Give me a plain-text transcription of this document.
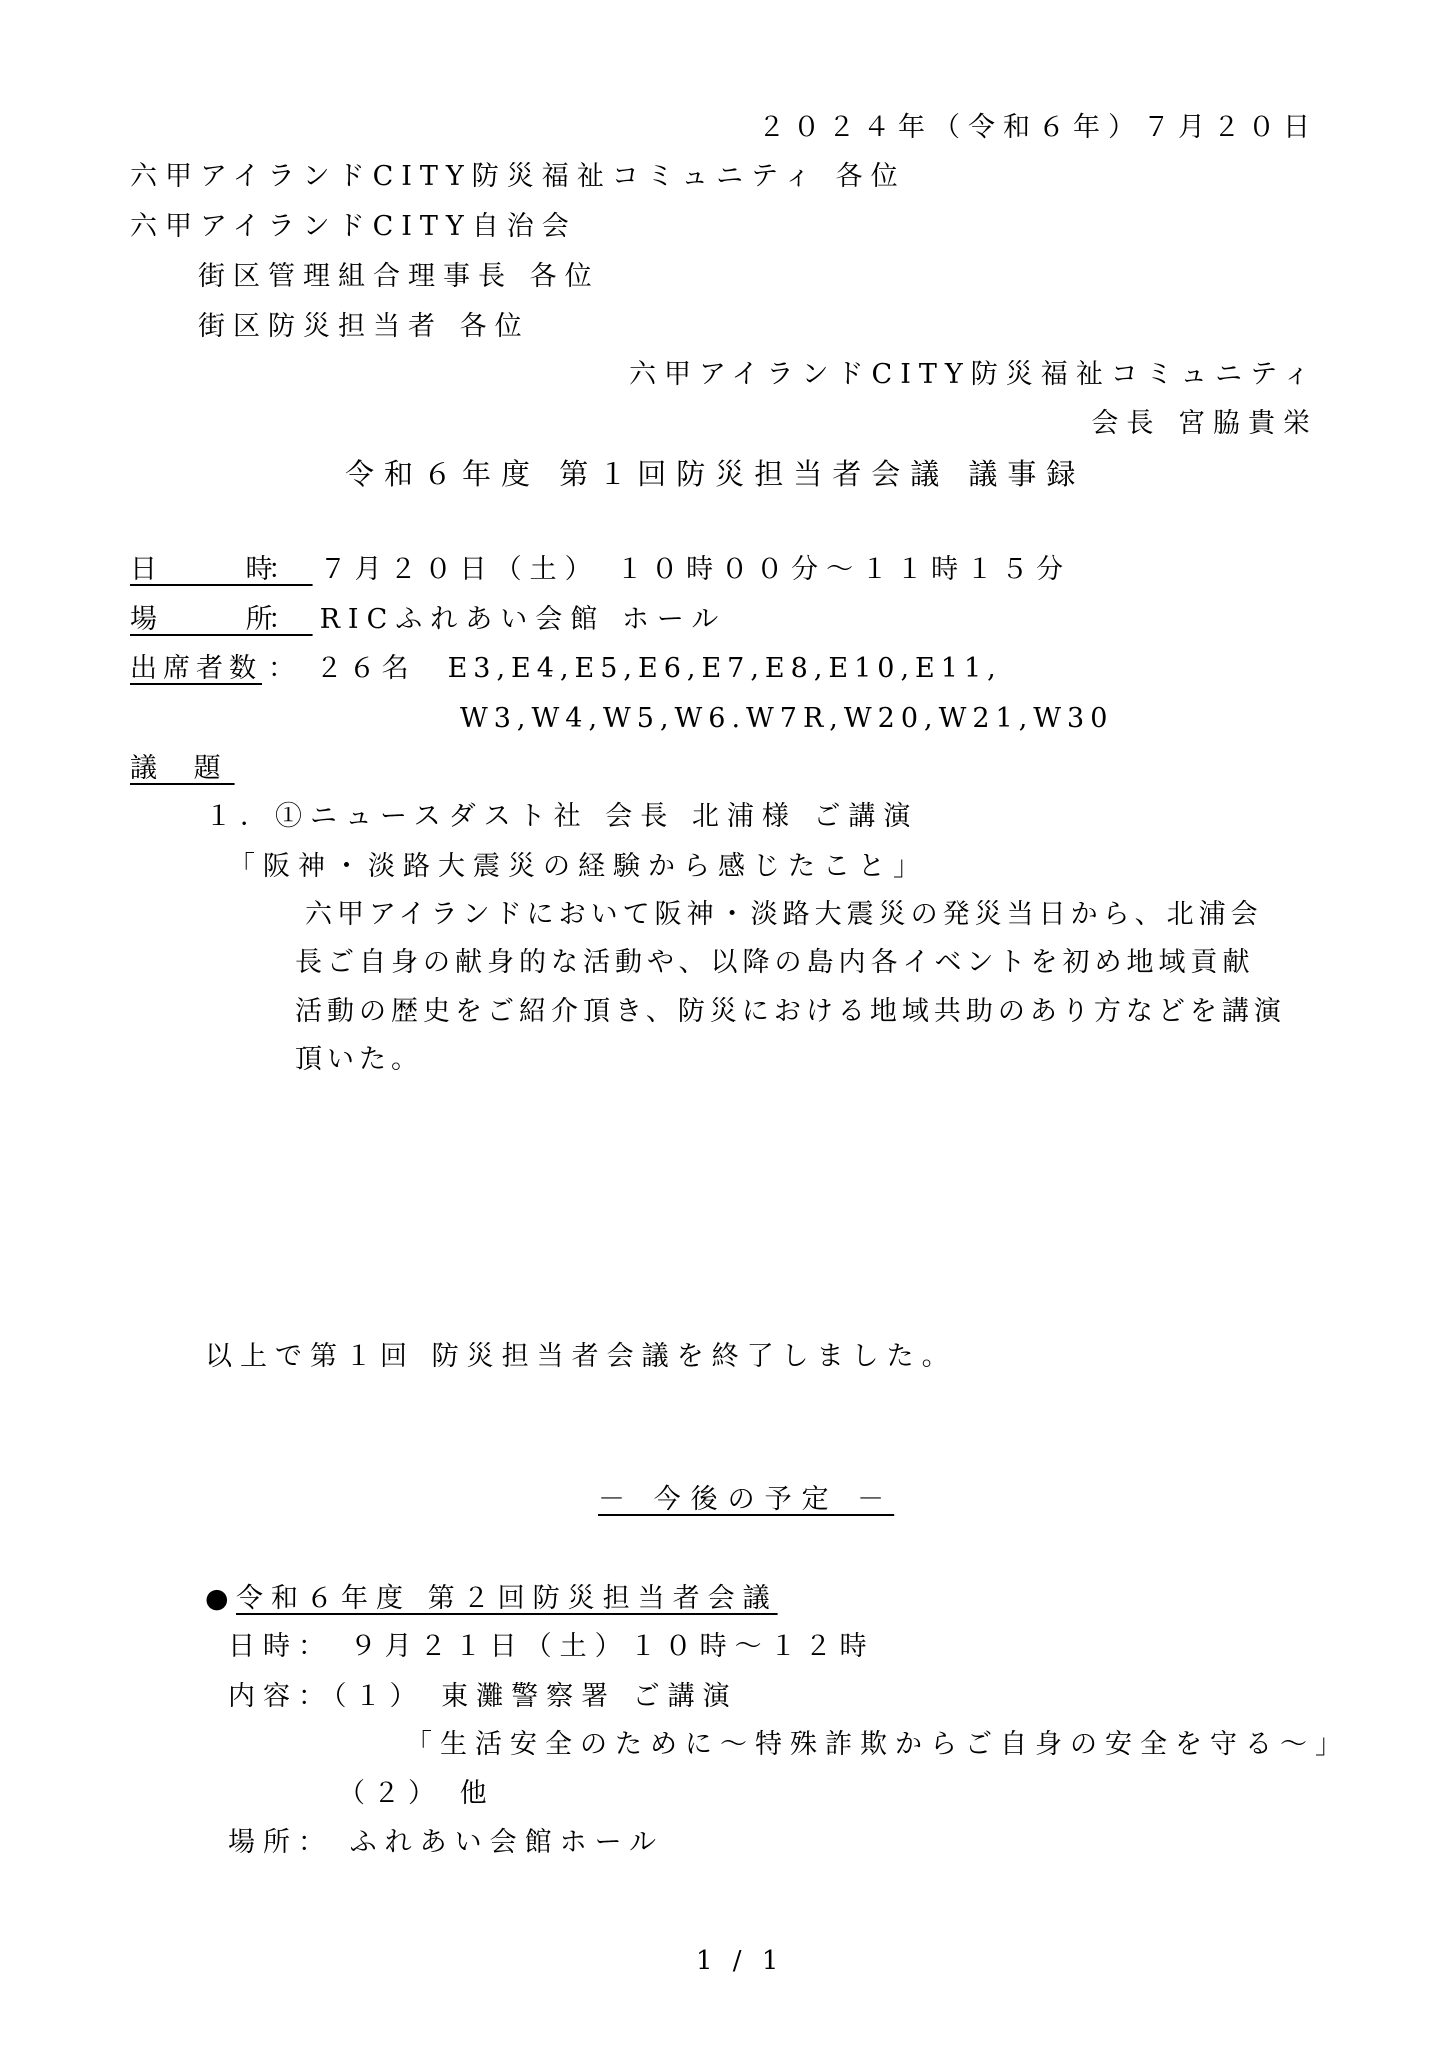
２０２４年（令和６年）７月２０日
六甲アイランドCITY防災福祉コミュニティ 各位
六甲アイランドCITY自治会
街区管理組合理事長 各位
街区防災担当者 各位
六甲アイランドCITY防災福祉コミュニティ
会長 宮脇貴栄
令和６年度 第１回防災担当者会議 議事録
日 時
： ７月２０日（土） １０時００分～１１時１５分
場 所
： RICふれあい会館 ホール
出席者数 ： ２６名　E3,E4,E5,E6,E7,E8,E10,E11,
W3,W4,W5,W6.W7R,W20,W21,W30
議 題
１．①ニュースダスト社 会長 北浦様 ご講演
「阪神・淡路大震災の経験から感じたこと」
六甲アイランドにおいて阪神・淡路大震災の発災当日から、北浦会
長ご自身の献身的な活動や、以降の島内各イベントを初め地域貢献
活動の歴史をご紹介頂き、防災における地域共助のあり方などを講演
頂いた。
以上で第１回 防災担当者会議を終了しました。
－ 今後の予定 －
● 令和６年度 第２回防災担当者会議
日時： ９月２１日（土）１０時～１２時
内容：（１） 東灘警察署 ご講演
「生活安全のために～特殊詐欺からご自身の安全を守る～」
（２） 他
場所： ふれあい会館ホール
1 / 1
